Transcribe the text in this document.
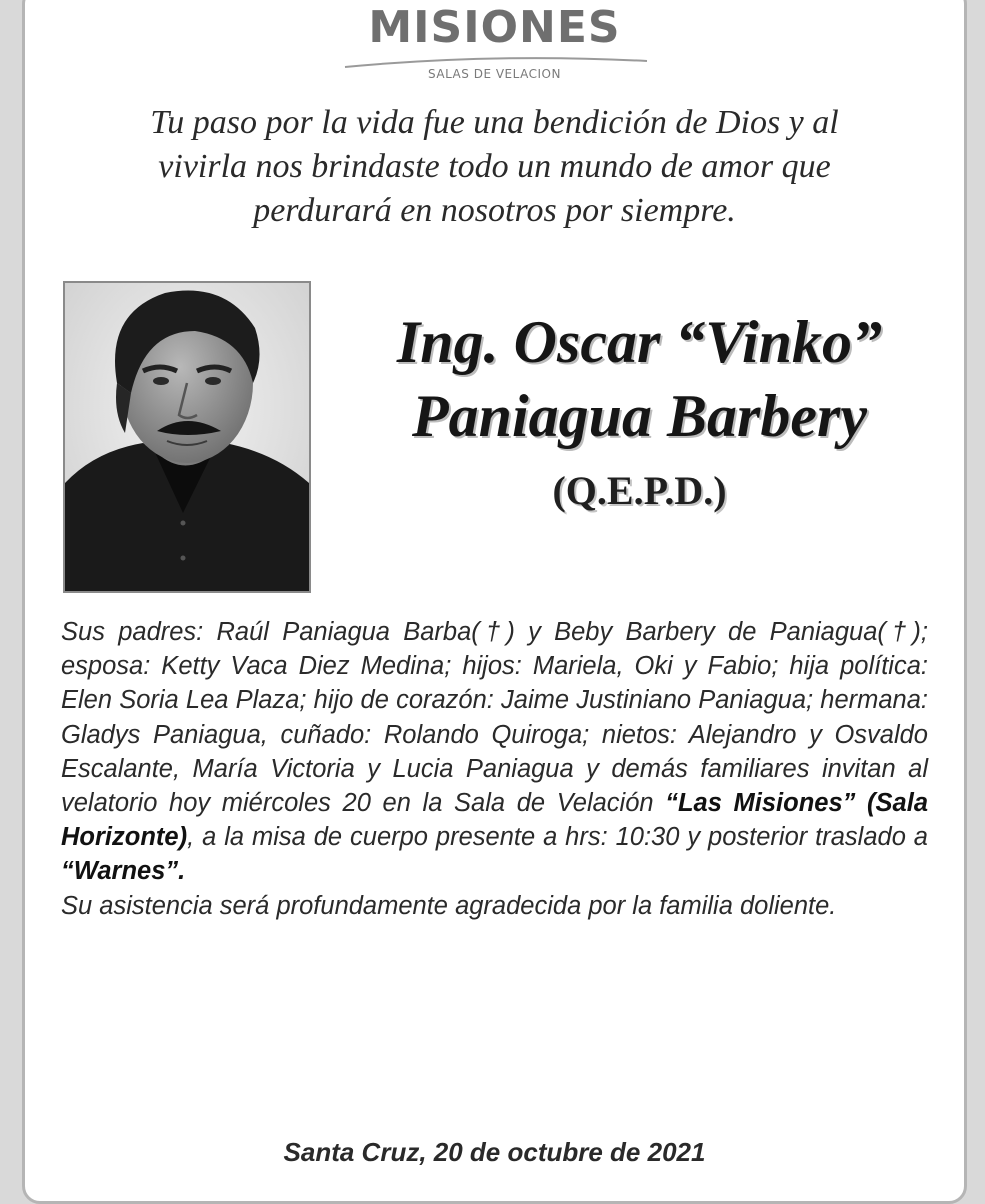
MISIONES
SALAS DE VELACION
Tu paso por la vida fue una bendición de Dios y al
vivirla nos brindaste todo un mundo de amor que
perdurará en nosotros por siempre.
Ing. Oscar “Vinko”
Paniagua Barbery
(Q.E.P.D.)

Sus padres: Raúl Paniagua Barba(†) y Beby Barbery de Paniagua(†); esposa: Ketty Vaca Diez Medina; hijos: Mariela, Oki y Fabio; hija política: Elen Soria Lea Plaza; hijo de corazón: Jaime Justiniano Paniagua; hermana: Gladys Paniagua, cuñado: Rolando Quiroga; nietos: Alejandro y Osvaldo Escalante, María Victoria y Lucia Paniagua y demás familiares invitan al velatorio hoy miércoles 20 en la Sala de Velación “Las Misiones” (Sala Horizonte), a la misa de cuerpo presente a hrs: 10:30 y posterior traslado a “Warnes”.

Su asistencia será profundamente agradecida por la familia doliente.

Santa Cruz, 20 de octubre de 2021
